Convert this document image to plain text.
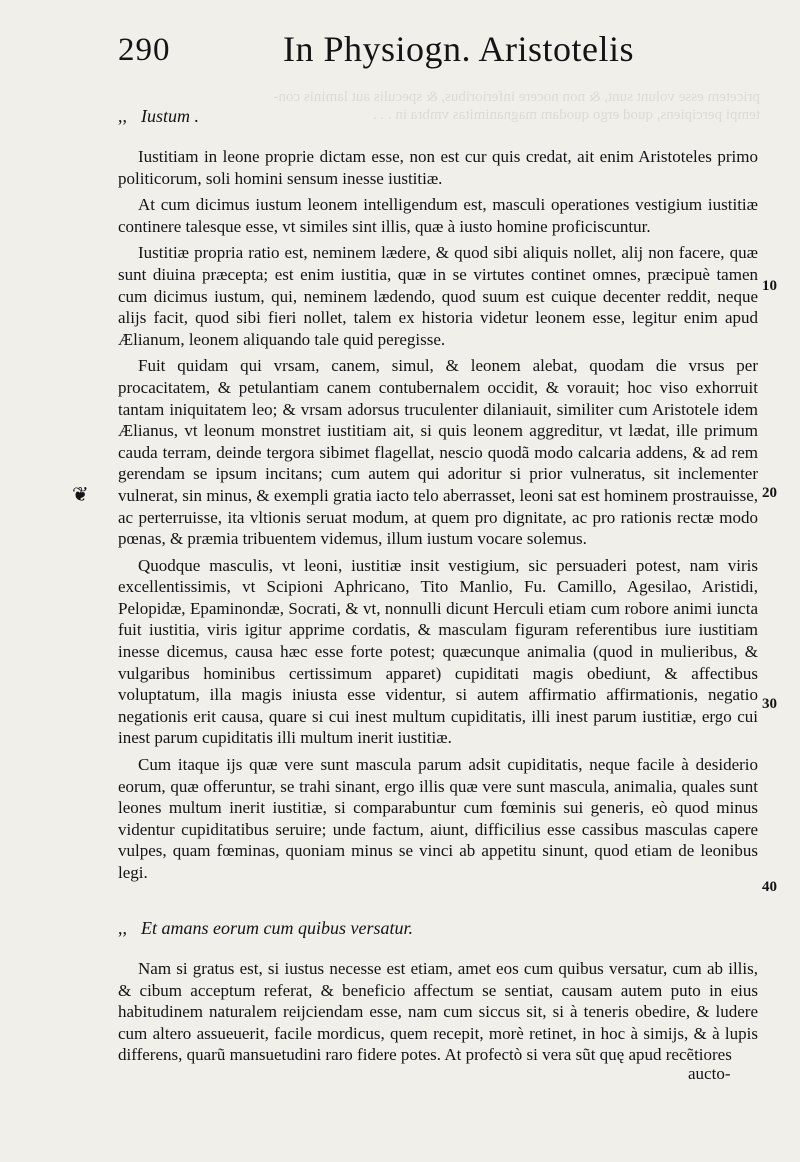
pricetem esse volunt sunt, & non nocere inferioribus, & speculis aut laminis con-
tempi percipiens, quod ergo quodam magnanimitas vmbra in . . .
290	In Physiogn. Aristotelis
,, Iustum .

Iustitiam in leone proprie dictam esse, non est cur quis credat, ait enim Aristoteles primo politicorum, soli homini sensum inesse iustitiæ.

At cum dicimus iustum leonem intelligendum est, masculi operationes vestigium iustitiæ continere talesque esse, vt similes sint illis, quæ à iusto homine proficiscuntur.

Iustitiæ propria ratio est, neminem lædere, & quod sibi aliquis nollet, alij non facere, quæ sunt diuina præcepta; est enim iustitia, quæ in se virtutes continet omnes, præcipuè tamen cum dicimus iustum, qui, neminem lædendo, quod suum est cuique decenter reddit, neque alijs facit, quod sibi fieri nollet, talem ex historia videtur leonem esse, legitur enim apud Ælianum, leonem aliquando tale quid peregisse.

Fuit quidam qui vrsam, canem, simul, & leonem alebat, quodam die vrsus per procacitatem, & petulantiam canem contubernalem occidit, & vorauit; hoc viso exhorruit tantam iniquitatem leo; & vrsam adorsus truculenter dilaniauit, similiter cum Aristotele idem Ælianus, vt leonum monstret iustitiam ait, si quis leonem aggreditur, vt lædat, ille primum cauda terram, deinde tergora sibimet flagellat, nescio quodã modo calcaria addens, & ad rem gerendam se ipsum incitans; cum autem qui adoritur si prior vulneratus, sit inclementer vulnerat, sin minus, & exempli gratia iacto telo aberrasset, leoni sat est hominem prostrauisse, ac perterruisse, ita vltionis seruat modum, at quem pro dignitate, ac pro rationis rectæ modo pœnas, & præmia tribuentem videmus, illum iustum vocare solemus.

Quodque masculis, vt leoni, iustitiæ insit vestigium, sic persuaderi potest, nam viris excellentissimis, vt Scipioni Aphricano, Tito Manlio, Fu. Camillo, Agesilao, Aristidi, Pelopidæ, Epaminondæ, Socrati, & vt, nonnulli dicunt Herculi etiam cum robore animi iuncta fuit iustitia, viris igitur apprime cordatis, & masculam figuram referentibus iure iustitiam inesse dicemus, causa hæc esse forte potest; quæcunque animalia (quod in mulieribus, & vulgaribus hominibus certissimum apparet) cupiditati magis obediunt, & affectibus voluptatum, illa magis iniusta esse videntur, si autem affirmatio affirmationis, negatio negationis erit causa, quare si cui inest multum cupiditatis, illi inest parum iustitiæ, ergo cui inest parum cupiditatis illi multum inerit iustitiæ.

Cum itaque ijs quæ vere sunt mascula parum adsit cupiditatis, neque facile à desiderio eorum, quæ offeruntur, se trahi sinant, ergo illis quæ vere sunt mascula, animalia, quales sunt leones multum inerit iustitiæ, si comparabuntur cum fœminis sui generis, eò quod minus videntur cupiditatibus seruire; unde factum, aiunt, difficilius esse cassibus masculas capere vulpes, quam fœminas, quoniam minus se vinci ab appetitu sinunt, quod etiam de leonibus legi.

,, Et amans eorum cum quibus versatur.

Nam si gratus est, si iustus necesse est etiam, amet eos cum quibus versatur, cum ab illis, & cibum acceptum referat, & beneficio affectum se sentiat, causam autem puto in eius habitudinem naturalem reijciendam esse, nam cum siccus sit, si à teneris obedire, & ludere cum altero assueuerit, facile mordicus, quem recepit, morè retinet, in hoc à simijs, & à lupis differens, quarũ mansuetudini raro fidere potes. At profectò si vera sũt quę apud recẽtiores

aucto-
10
20
30
40
❦
